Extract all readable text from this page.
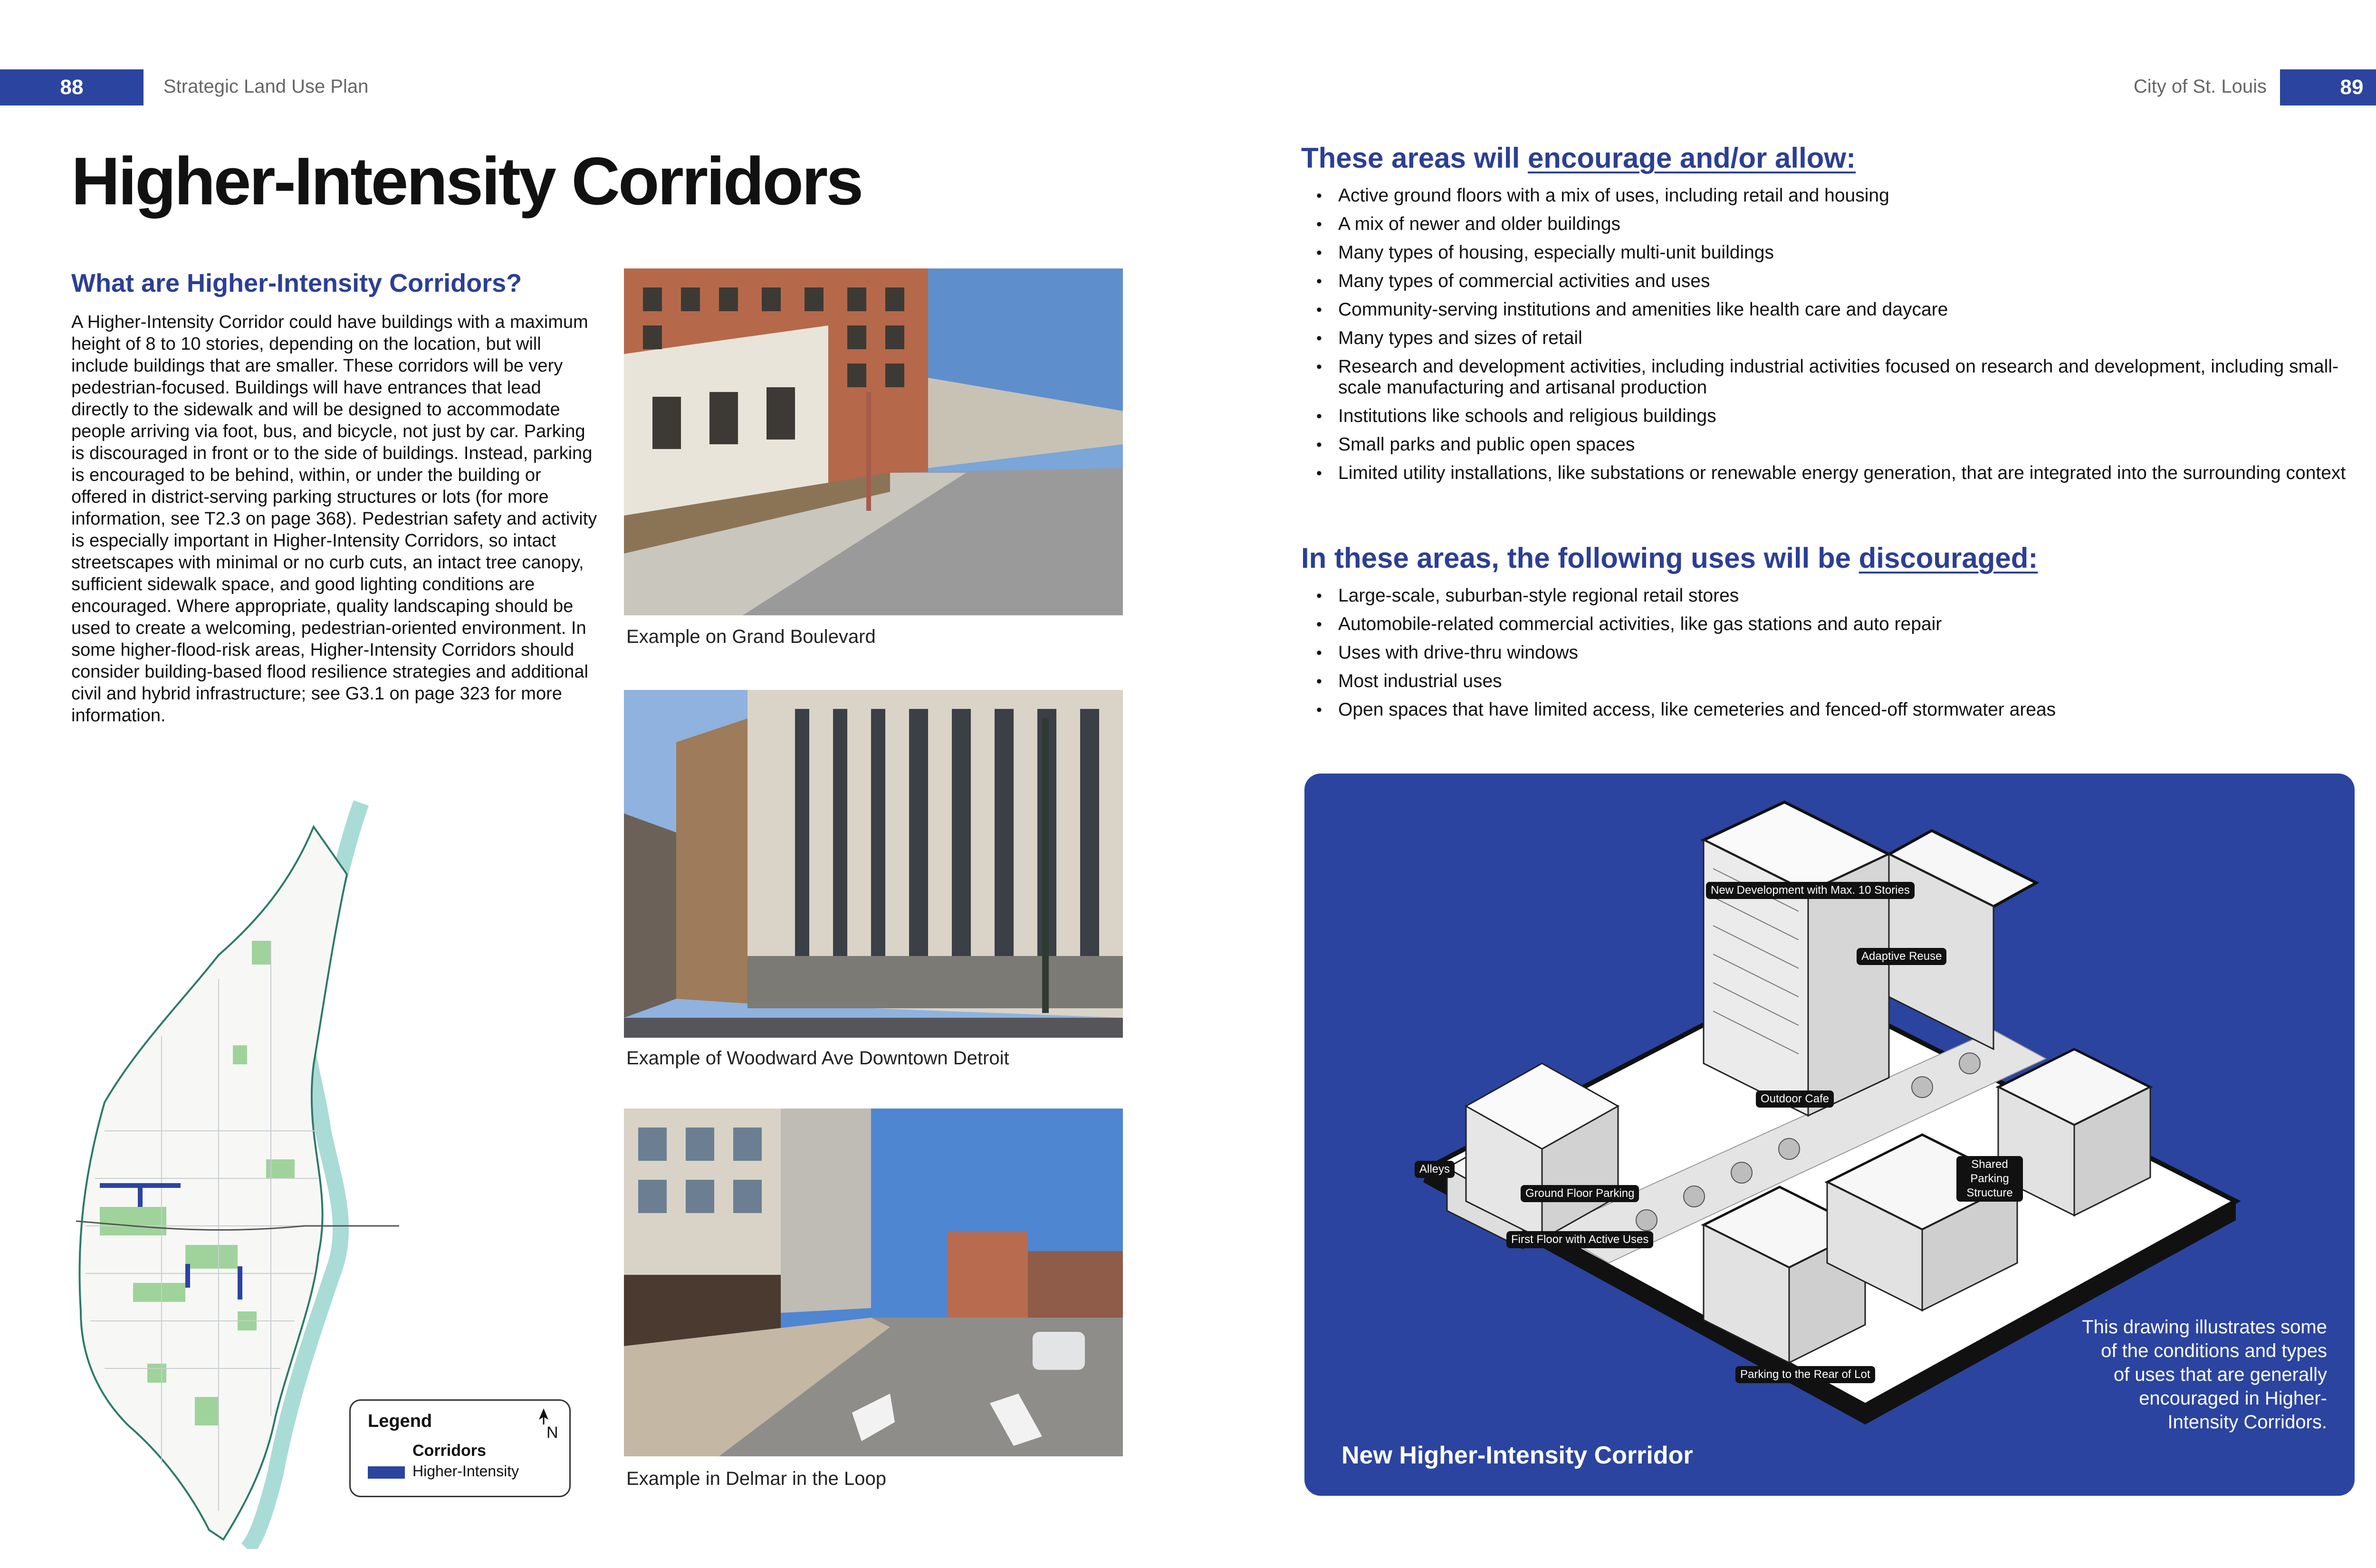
88	Strategic Land Use Plan	City of St. Louis	89
Higher-Intensity Corridors
What are Higher-Intensity Corridors?

A Higher-Intensity Corridor could have buildings with a maximum height of 8 to 10 stories, depending on the location, but will include buildings that are smaller. These corridors will be very pedestrian-focused. Buildings will have entrances that lead directly to the sidewalk and will be designed to accommodate people arriving via foot, bus, and bicycle, not just by car. Parking is discouraged in front or to the side of buildings. Instead, parking is encouraged to be behind, within, or under the building or offered in district-serving parking structures or lots (for more information, see T2.3 on page 368). Pedestrian safety and activity is especially important in Higher-Intensity Corridors, so intact streetscapes with minimal or no curb cuts, an intact tree canopy, sufficient sidewalk space, and good lighting conditions are encouraged. Where appropriate, quality landscaping should be used to create a welcoming, pedestrian-oriented environment. In some higher-flood-risk areas, Higher-Intensity Corridors should consider building-based flood resilience strategies and additional civil and hybrid infrastructure; see G3.1 on page 323 for more information.

Example on Grand Boulevard
Example of Woodward Ave Downtown Detroit
Example in Delmar in the Loop
Legend
N
Corridors
Higher-Intensity
These areas will encourage and/or allow:
• Active ground floors with a mix of uses, including retail and housing
• A mix of newer and older buildings
• Many types of housing, especially multi-unit buildings
• Many types of commercial activities and uses
• Community-serving institutions and amenities like health care and daycare
• Many types and sizes of retail
• Research and development activities, including industrial activities focused on research and development, including small-scale manufacturing and artisanal production
• Institutions like schools and religious buildings
• Small parks and public open spaces
• Limited utility installations, like substations or renewable energy generation, that are integrated into the surrounding context
In these areas, the following uses will be discouraged:
• Large-scale, suburban-style regional retail stores
• Automobile-related commercial activities, like gas stations and auto repair
• Uses with drive-thru windows
• Most industrial uses
• Open spaces that have limited access, like cemeteries and fenced-off stormwater areas
New Development with Max. 10 Stories
Adaptive Reuse
Outdoor Cafe
Alleys
Ground Floor Parking
Shared Parking Structure
First Floor with Active Uses
Parking to the Rear of Lot
This drawing illustrates some of the conditions and types of uses that are generally encouraged in Higher-Intensity Corridors.
New Higher-Intensity Corridor
